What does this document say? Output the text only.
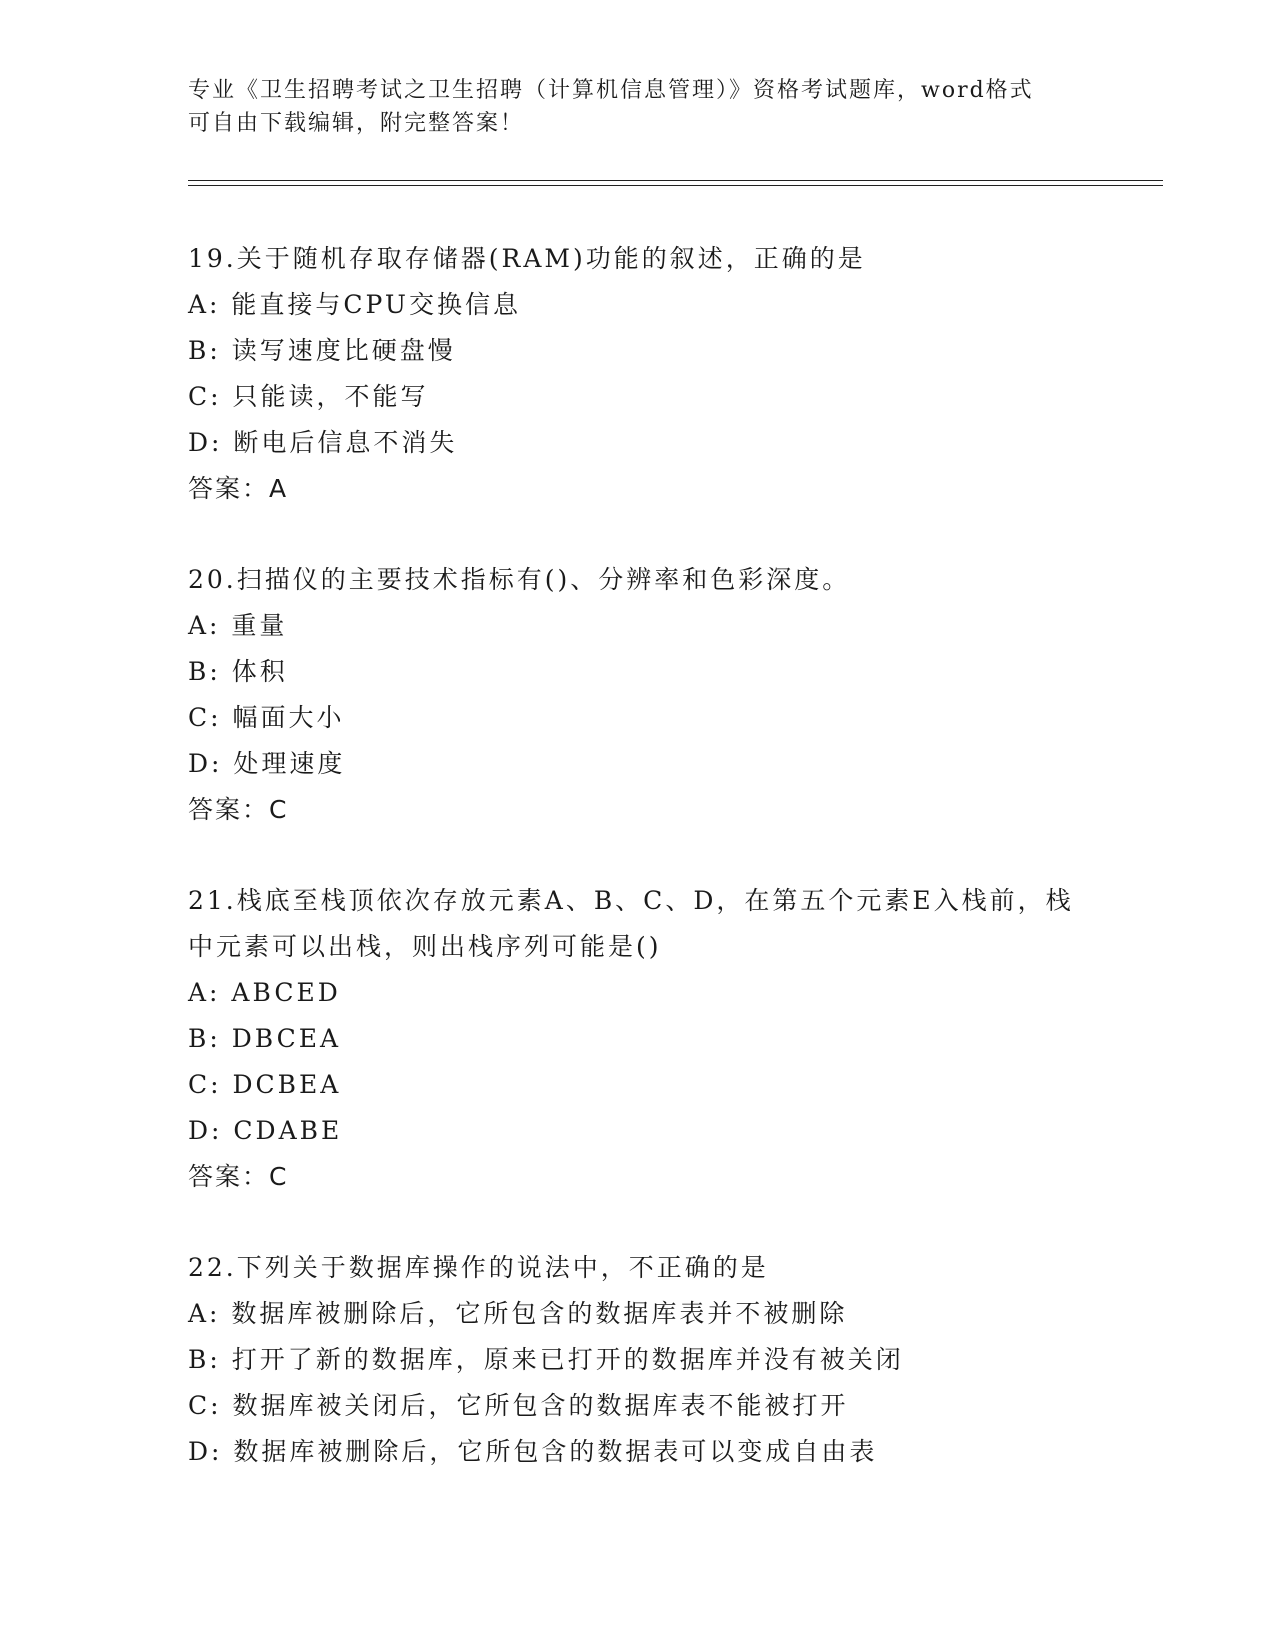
专业《卫生招聘考试之卫生招聘（计算机信息管理）》资格考试题库，word格式
可自由下载编辑，附完整答案！
19.关于随机存取存储器(RAM)功能的叙述，正确的是
A: 能直接与CPU交换信息
B: 读写速度比硬盘慢
C: 只能读，不能写
D: 断电后信息不消失
答案：A
20.扫描仪的主要技术指标有()、分辨率和色彩深度。
A: 重量
B: 体积
C: 幅面大小
D: 处理速度
答案：C
21.栈底至栈顶依次存放元素A、B、C、D，在第五个元素E入栈前，栈
中元素可以出栈，则出栈序列可能是()
A: ABCED
B: DBCEA
C: DCBEA
D: CDABE
答案：C
22.下列关于数据库操作的说法中，不正确的是
A: 数据库被删除后，它所包含的数据库表并不被删除
B: 打开了新的数据库，原来已打开的数据库并没有被关闭
C: 数据库被关闭后，它所包含的数据库表不能被打开
D: 数据库被删除后，它所包含的数据表可以变成自由表
